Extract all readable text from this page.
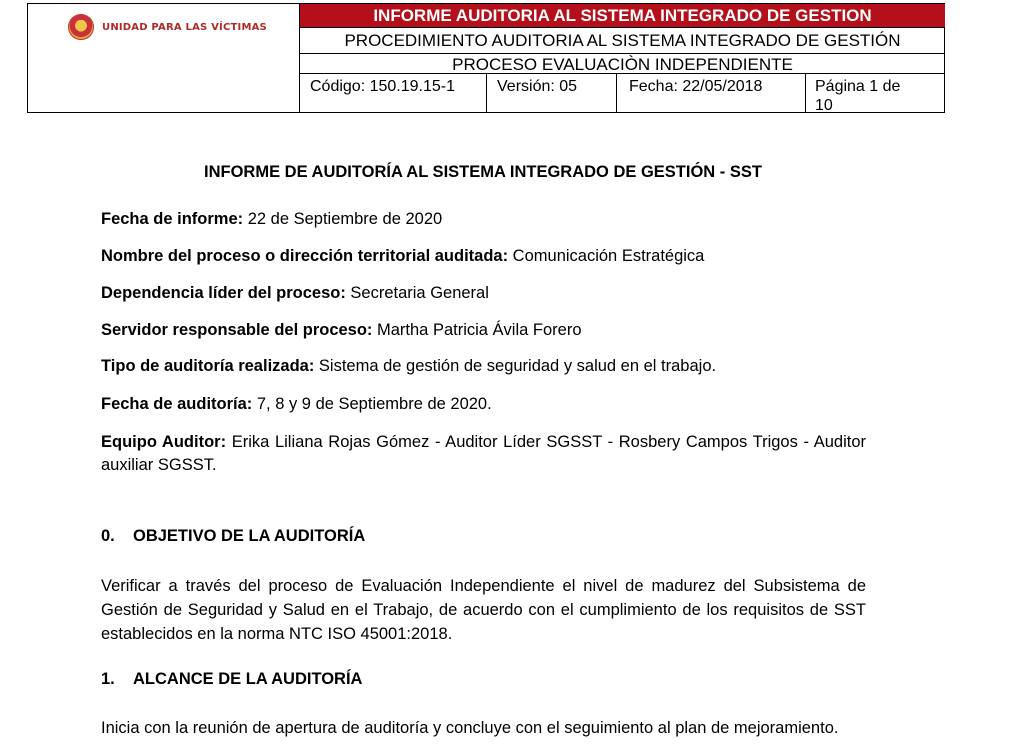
UNIDAD PARA LAS VÍCTIMAS
INFORME AUDITORIA AL SISTEMA INTEGRADO DE GESTION
PROCEDIMIENTO AUDITORIA AL SISTEMA INTEGRADO DE GESTIÓN
PROCESO EVALUACIÒN INDEPENDIENTE
Código: 150.19.15-1	Versión: 05	Fecha: 22/05/2018	Página 1 de
10
INFORME DE AUDITORÍA AL SISTEMA INTEGRADO DE GESTIÓN - SST
Fecha de informe: 22 de Septiembre de 2020
Nombre del proceso o dirección territorial auditada: Comunicación Estratégica
Dependencia líder del proceso: Secretaria General
Servidor responsable del proceso: Martha Patricia Ávila Forero
Tipo de auditoría realizada: Sistema de gestión de seguridad y salud en el trabajo.
Fecha de auditoría: 7, 8 y 9 de Septiembre de 2020.
Equipo Auditor: Erika Liliana Rojas Gómez - Auditor Líder SGSST - Rosbery Campos Trigos - Auditor auxiliar SGSST.
0. OBJETIVO DE LA AUDITORÍA
Verificar a través del proceso de Evaluación Independiente el nivel de madurez del Subsistema de Gestión de Seguridad y Salud en el Trabajo, de acuerdo con el cumplimiento de los requisitos de SST establecidos en la norma NTC ISO 45001:2018.
1. ALCANCE DE LA AUDITORÍA
Inicia con la reunión de apertura de auditoría y concluye con el seguimiento al plan de mejoramiento.
